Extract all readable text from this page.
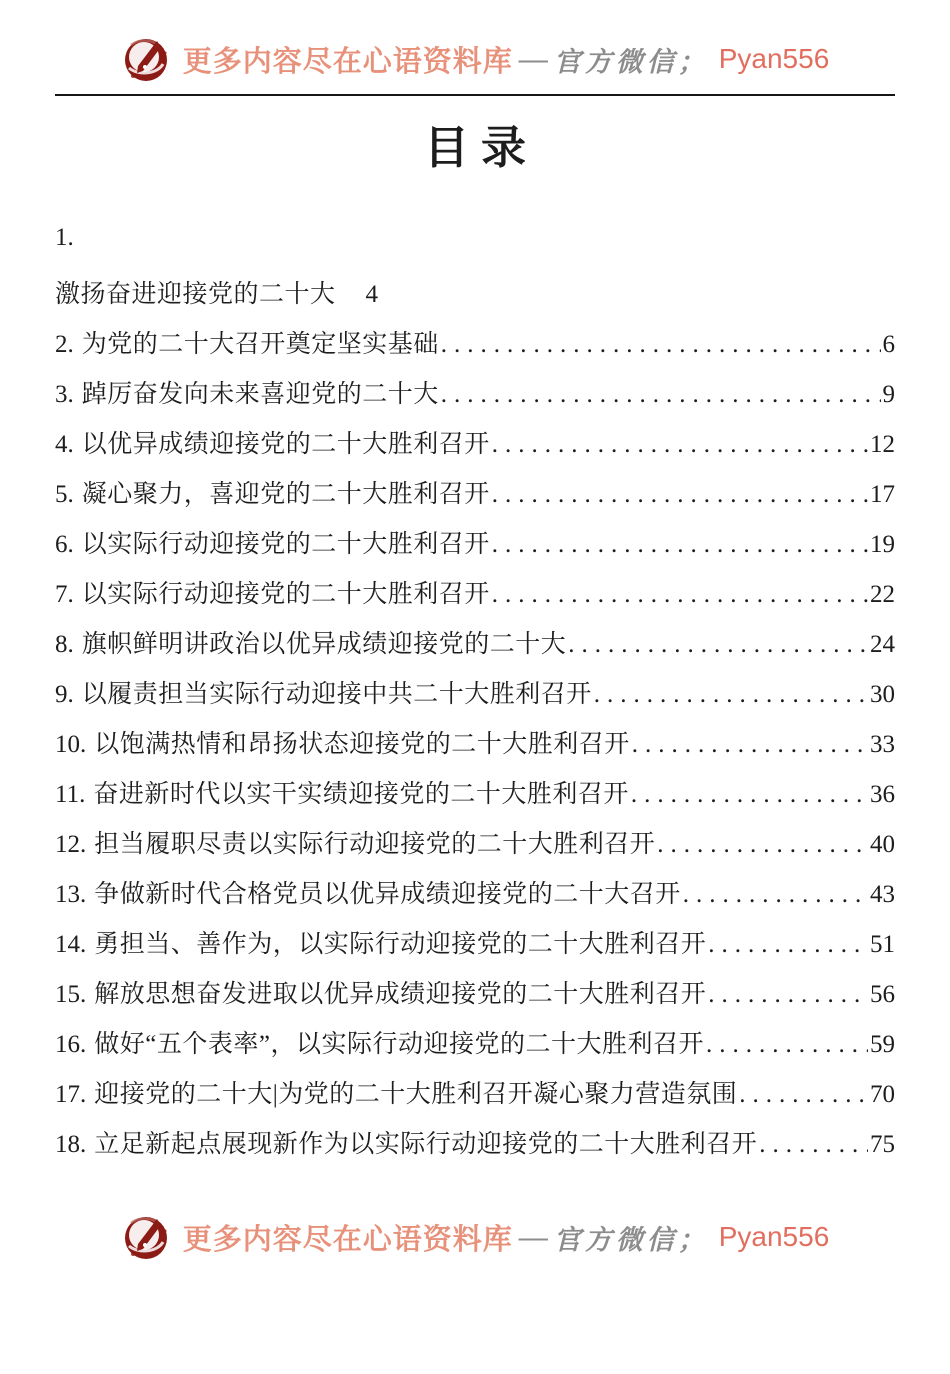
更多内容尽在心语资料库 — 官方微信； Pyan556
目录
1.
激扬奋进迎接党的二十大 4
2. 为党的二十大召开奠定坚实基础 .....	6
3. 踔厉奋发向未来喜迎党的二十大 .....	9
4. 以优异成绩迎接党的二十大胜利召开 .....	12
5. 凝心聚力，喜迎党的二十大胜利召开 .....	17
6. 以实际行动迎接党的二十大胜利召开 .....	19
7. 以实际行动迎接党的二十大胜利召开 .....	22
8. 旗帜鲜明讲政治以优异成绩迎接党的二十大 .....	24
9. 以履责担当实际行动迎接中共二十大胜利召开 .....	30
10. 以饱满热情和昂扬状态迎接党的二十大胜利召开 .....	33
11. 奋进新时代以实干实绩迎接党的二十大胜利召开 .....	36
12. 担当履职尽责以实际行动迎接党的二十大胜利召开 .....	40
13. 争做新时代合格党员以优异成绩迎接党的二十大召开 .....	43
14. 勇担当、善作为，以实际行动迎接党的二十大胜利召开 .....	51
15. 解放思想奋发进取以优异成绩迎接党的二十大胜利召开 .....	56
16. 做好“五个表率”，以实际行动迎接党的二十大胜利召开 .....	59
17. 迎接党的二十大|为党的二十大胜利召开凝心聚力营造氛围 .....	70
18. 立足新起点展现新作为以实际行动迎接党的二十大胜利召开 .....	75
更多内容尽在心语资料库 — 官方微信； Pyan556
